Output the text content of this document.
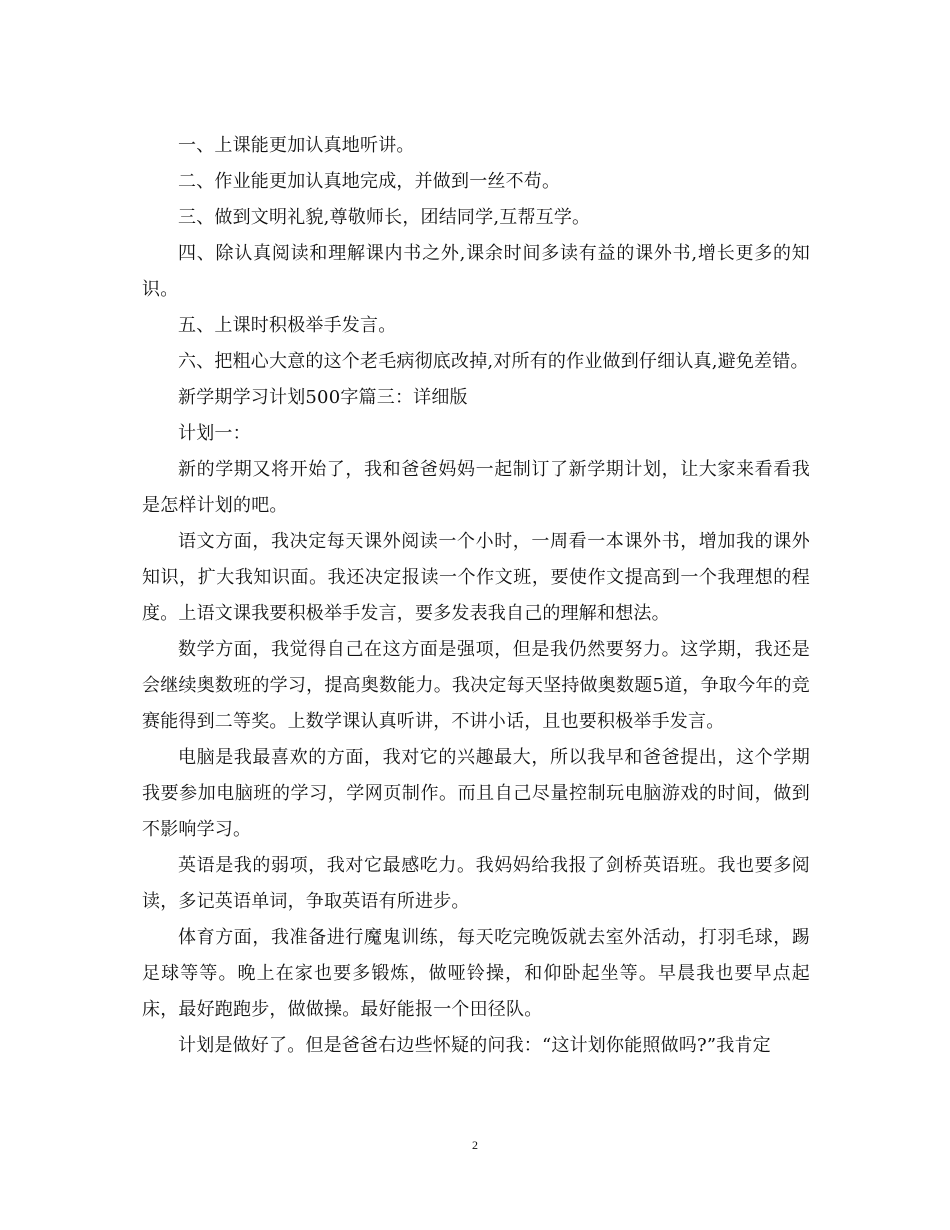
一、上课能更加认真地听讲。

二、作业能更加认真地完成，并做到一丝不苟。

三、做到文明礼貌,尊敬师长，团结同学,互帮互学。

四、除认真阅读和理解课内书之外,课余时间多读有益的课外书,增长更多的知识。

五、上课时积极举手发言。

六、把粗心大意的这个老毛病彻底改掉,对所有的作业做到仔细认真,避免差错。

新学期学习计划500字篇三：详细版

计划一：

新的学期又将开始了，我和爸爸妈妈一起制订了新学期计划，让大家来看看我是怎样计划的吧。

语文方面，我决定每天课外阅读一个小时，一周看一本课外书，增加我的课外知识，扩大我知识面。我还决定报读一个作文班，要使作文提高到一个我理想的程度。上语文课我要积极举手发言，要多发表我自己的理解和想法。

数学方面，我觉得自己在这方面是强项，但是我仍然要努力。这学期，我还是会继续奥数班的学习，提高奥数能力。我决定每天坚持做奥数题5道，争取今年的竞赛能得到二等奖。上数学课认真听讲，不讲小话，且也要积极举手发言。

电脑是我最喜欢的方面，我对它的兴趣最大，所以我早和爸爸提出，这个学期我要参加电脑班的学习，学网页制作。而且自己尽量控制玩电脑游戏的时间，做到不影响学习。

英语是我的弱项，我对它最感吃力。我妈妈给我报了剑桥英语班。我也要多阅读，多记英语单词，争取英语有所进步。

体育方面，我准备进行魔鬼训练，每天吃完晚饭就去室外活动，打羽毛球，踢足球等等。晚上在家也要多锻炼，做哑铃操，和仰卧起坐等。早晨我也要早点起床，最好跑跑步，做做操。最好能报一个田径队。

计划是做好了。但是爸爸右边些怀疑的问我：“这计划你能照做吗?”我肯定

2
